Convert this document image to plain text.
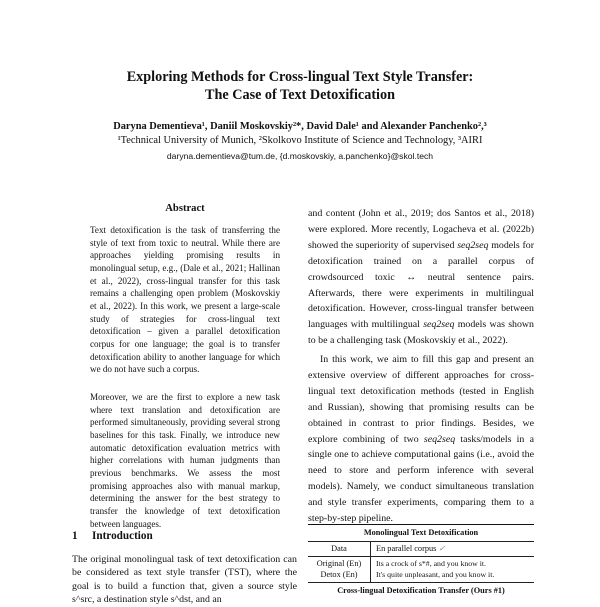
Exploring Methods for Cross-lingual Text Style Transfer:
The Case of Text Detoxification
Daryna Dementieva¹, Daniil Moskovskiy²*, David Dale¹ and Alexander Panchenko²,³
¹Technical University of Munich, ²Skolkovo Institute of Science and Technology, ³AIRI
daryna.dementieva@tum.de, {d.moskovskiy, a.panchenko}@skol.tech
Abstract
Text detoxification is the task of transferring the style of text from toxic to neutral. While there are approaches yielding promising results in monolingual setup, e.g., (Dale et al., 2021; Hallinan et al., 2022), cross-lingual transfer for this task remains a challenging open problem (Moskovskiy et al., 2022). In this work, we present a large-scale study of strategies for cross-lingual text detoxification – given a parallel detoxification corpus for one language; the goal is to transfer detoxification ability to another language for which we do not have such a corpus.
Moreover, we are the first to explore a new task where text translation and detoxification are performed simultaneously, providing several strong baselines for this task. Finally, we introduce new automatic detoxification evaluation metrics with higher correlations with human judgments than previous benchmarks. We assess the most promising approaches also with manual markup, determining the answer for the best strategy to transfer the knowledge of text detoxification between languages.
1 Introduction
The original monolingual task of text detoxification can be considered as text style transfer (TST), where the goal is to build a function that, given a source style s^src, a destination style s^dst, and an
and content (John et al., 2019; dos Santos et al., 2018) were explored. More recently, Logacheva et al. (2022b) showed the superiority of supervised seq2seq models for detoxification trained on a parallel corpus of crowdsourced toxic ↔ neutral sentence pairs. Afterwards, there were experiments in multilingual detoxification. However, cross-lingual transfer between languages with multilingual seq2seq models was shown to be a challenging task (Moskovskiy et al., 2022).
In this work, we aim to fill this gap and present an extensive overview of different approaches for cross-lingual text detoxification methods (tested in English and Russian), showing that promising results can be obtained in contrast to prior findings. Besides, we explore combining of two seq2seq tasks/models in a single one to achieve computational gains (i.e., avoid the need to store and perform inference with several models). Namely, we conduct simultaneous translation and style transfer experiments, comparing them to a step-by-step pipeline.
Monolingual Text Detoxification
Data	En parallel corpus ✓
Original (En)
Detox (En)
Its a crock of s*#, and you know it.
It's quite unpleasant, and you know it.
Cross-lingual Detoxification Transfer (Ours #1)
